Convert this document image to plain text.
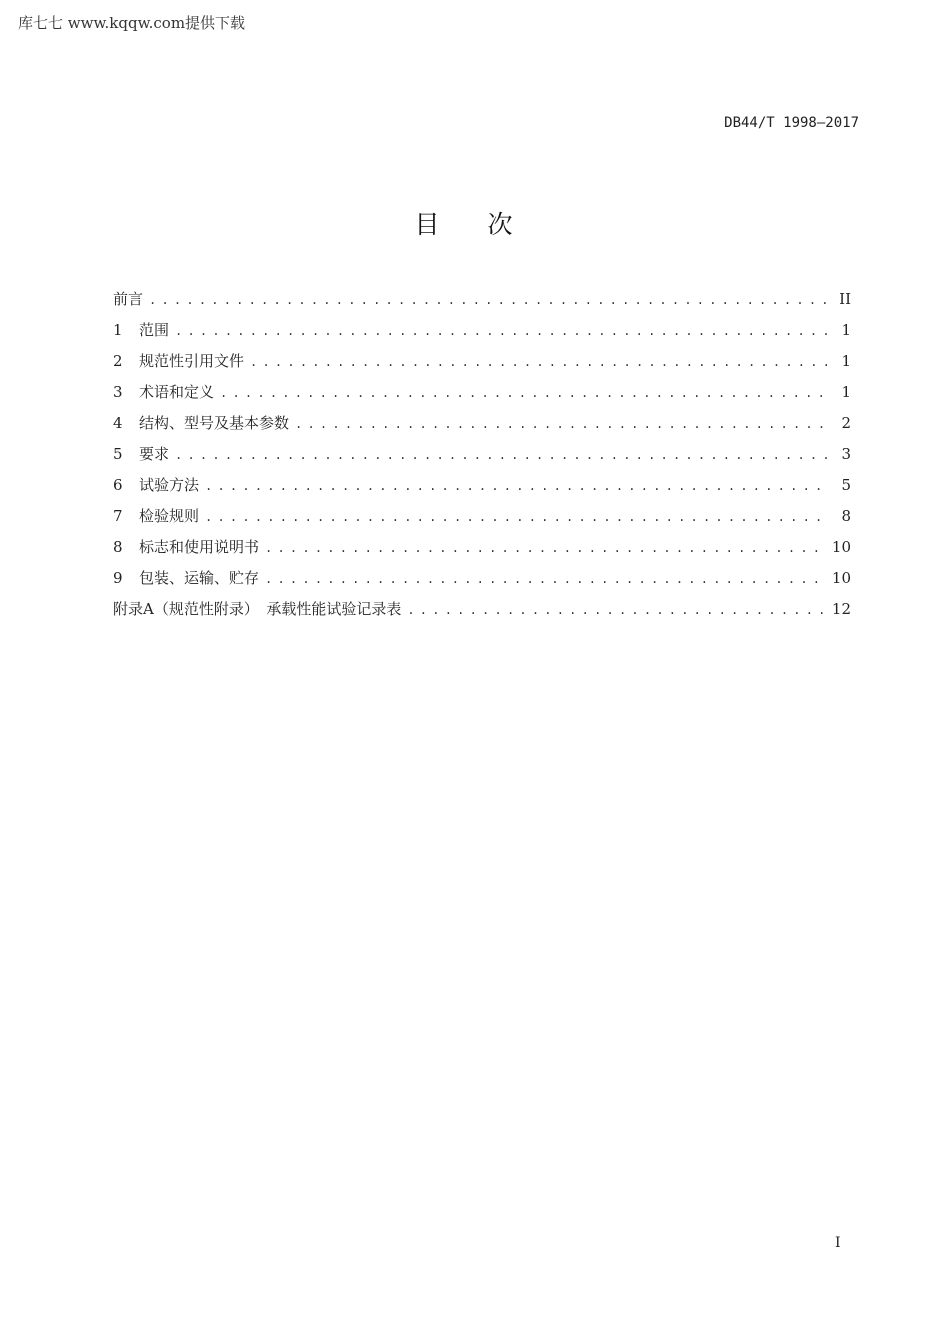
库七七 www.kqqw.com提供下载
DB44/T 1998—2017
目次
前言 . . .	II
1	范围 . . .	1
2	规范性引用文件 . . .	1
3	术语和定义 . . .	1
4	结构、型号及基本参数 . . .	2
5	要求 . . .	3
6	试验方法 . . .	5
7	检验规则 . . .	8
8	标志和使用说明书 . . .	10
9	包装、运输、贮存 . . .	10
附录A（规范性附录）　承载性能试验记录表 . . .	12
I
